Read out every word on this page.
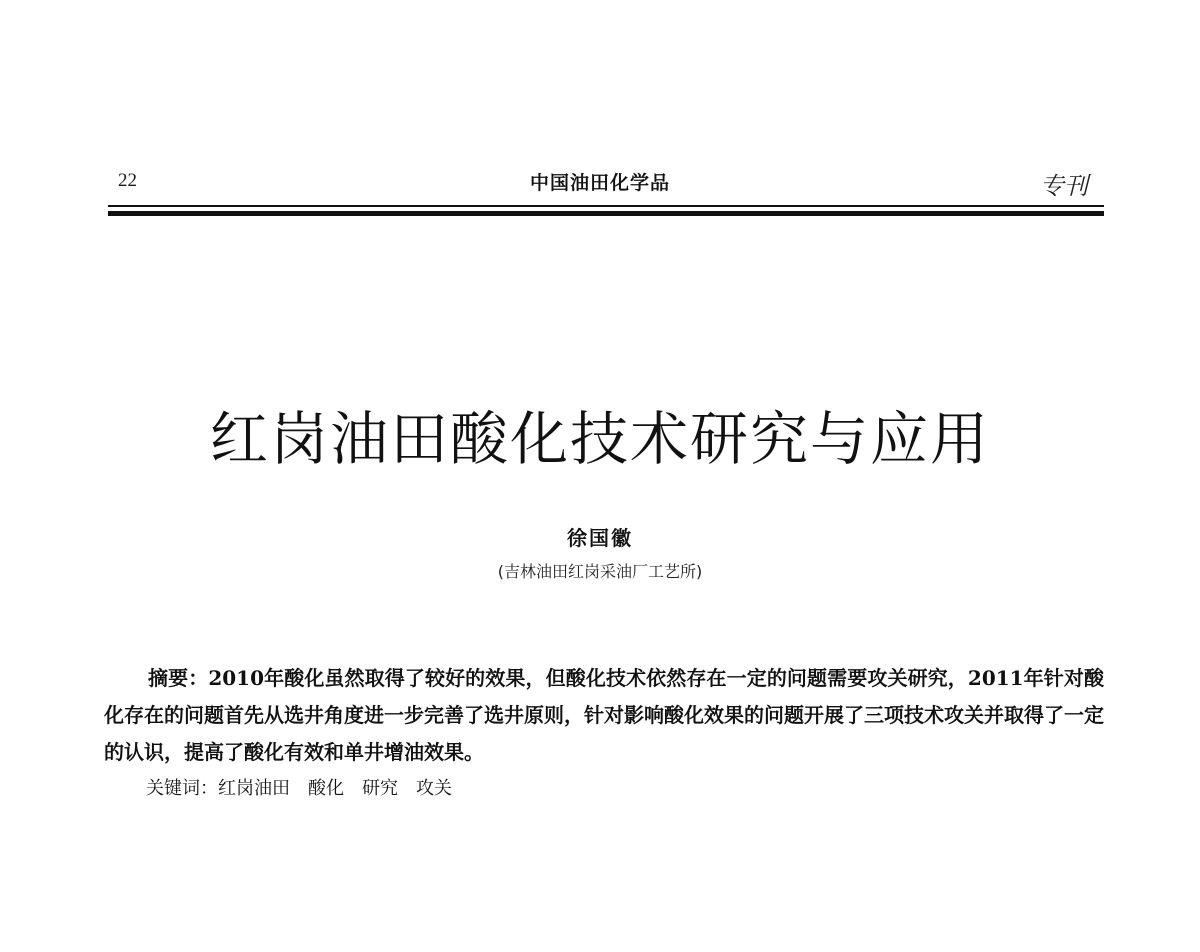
22	中国油田化学品	专刊
红岗油田酸化技术研究与应用
徐国徽
(吉林油田红岗采油厂工艺所)

摘要：2010年酸化虽然取得了较好的效果，但酸化技术依然存在一定的问题需要攻关研究，2011年针对酸化存在的问题首先从选井角度进一步完善了选井原则，针对影响酸化效果的问题开展了三项技术攻关并取得了一定的认识，提高了酸化有效和单井增油效果。

关键词：红岗油田 酸化 研究 攻关
